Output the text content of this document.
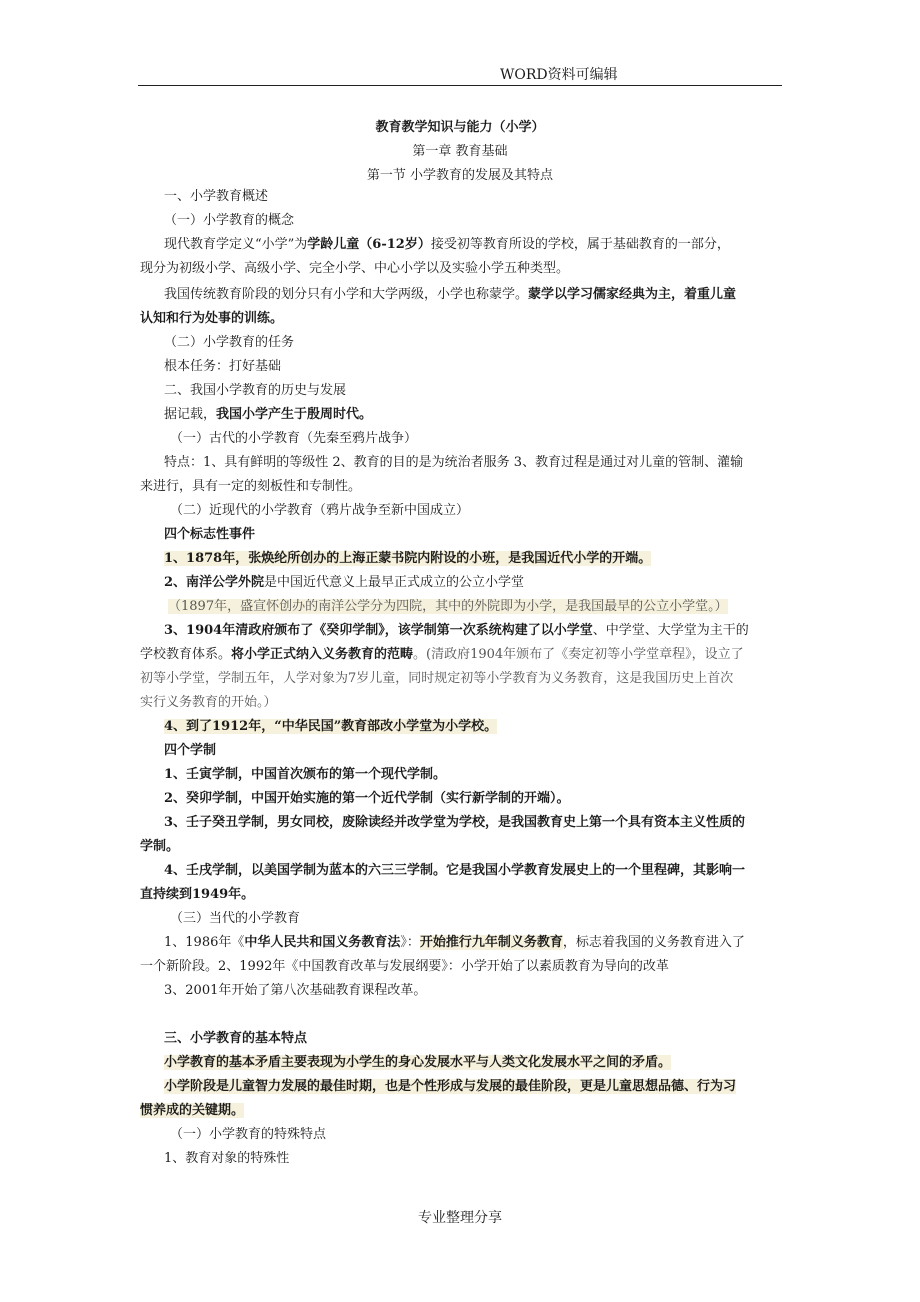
WORD资料可编辑
教育教学知识与能力（小学）
第一章 教育基础
第一节 小学教育的发展及其特点
一、小学教育概述
（一）小学教育的概念
现代教育学定义“小学”为学龄儿童（6-12岁）接受初等教育所设的学校，属于基础教育的一部分，
现分为初级小学、高级小学、完全小学、中心小学以及实验小学五种类型。
我国传统教育阶段的划分只有小学和大学两级，小学也称蒙学。蒙学以学习儒家经典为主，着重儿童
认知和行为处事的训练。
（二）小学教育的任务
根本任务：打好基础
二、我国小学教育的历史与发展
据记载，我国小学产生于殷周时代。
（一）古代的小学教育（先秦至鸦片战争）
特点：1、具有鲜明的等级性 2、教育的目的是为统治者服务 3、教育过程是通过对儿童的管制、灌输
来进行，具有一定的刻板性和专制性。
（二）近现代的小学教育（鸦片战争至新中国成立）
四个标志性事件
1、1878年，张焕纶所创办的上海正蒙书院内附设的小班，是我国近代小学的开端。
2、南洋公学外院是中国近代意义上最早正式成立的公立小学堂
（1897年，盛宣怀创办的南洋公学分为四院，其中的外院即为小学，是我国最早的公立小学堂。）
3、1904年清政府颁布了《癸卯学制》，该学制第一次系统构建了以小学堂、中学堂、大学堂为主干的
学校教育体系。将小学正式纳入义务教育的范畴。(清政府1904年颁布了《奏定初等小学堂章程》，设立了
初等小学堂，学制五年，人学对象为7岁儿童，同时规定初等小学教育为义务教育，这是我国历史上首次
实行义务教育的开始。）
4、到了1912年，“中华民国”教育部改小学堂为小学校。
四个学制
1、壬寅学制，中国首次颁布的第一个现代学制。
2、癸卯学制，中国开始实施的第一个近代学制（实行新学制的开端）。
3、壬子癸丑学制，男女同校，废除读经并改学堂为学校，是我国教育史上第一个具有资本主义性质的
学制。
4、壬戌学制，以美国学制为蓝本的六三三学制。它是我国小学教育发展史上的一个里程碑，其影响一
直持续到1949年。
（三）当代的小学教育
1、1986年《中华人民共和国义务教育法》：开始推行九年制义务教育，标志着我国的义务教育进入了
一个新阶段。2、1992年《中国教育改革与发展纲要》：小学开始了以素质教育为导向的改革
3、2001年开始了第八次基础教育课程改革。
三、小学教育的基本特点
小学教育的基本矛盾主要表现为小学生的身心发展水平与人类文化发展水平之间的矛盾。
小学阶段是儿童智力发展的最佳时期，也是个性形成与发展的最佳阶段，更是儿童思想品德、行为习
惯养成的关键期。
（一）小学教育的特殊特点
1、教育对象的特殊性
专业整理分享
